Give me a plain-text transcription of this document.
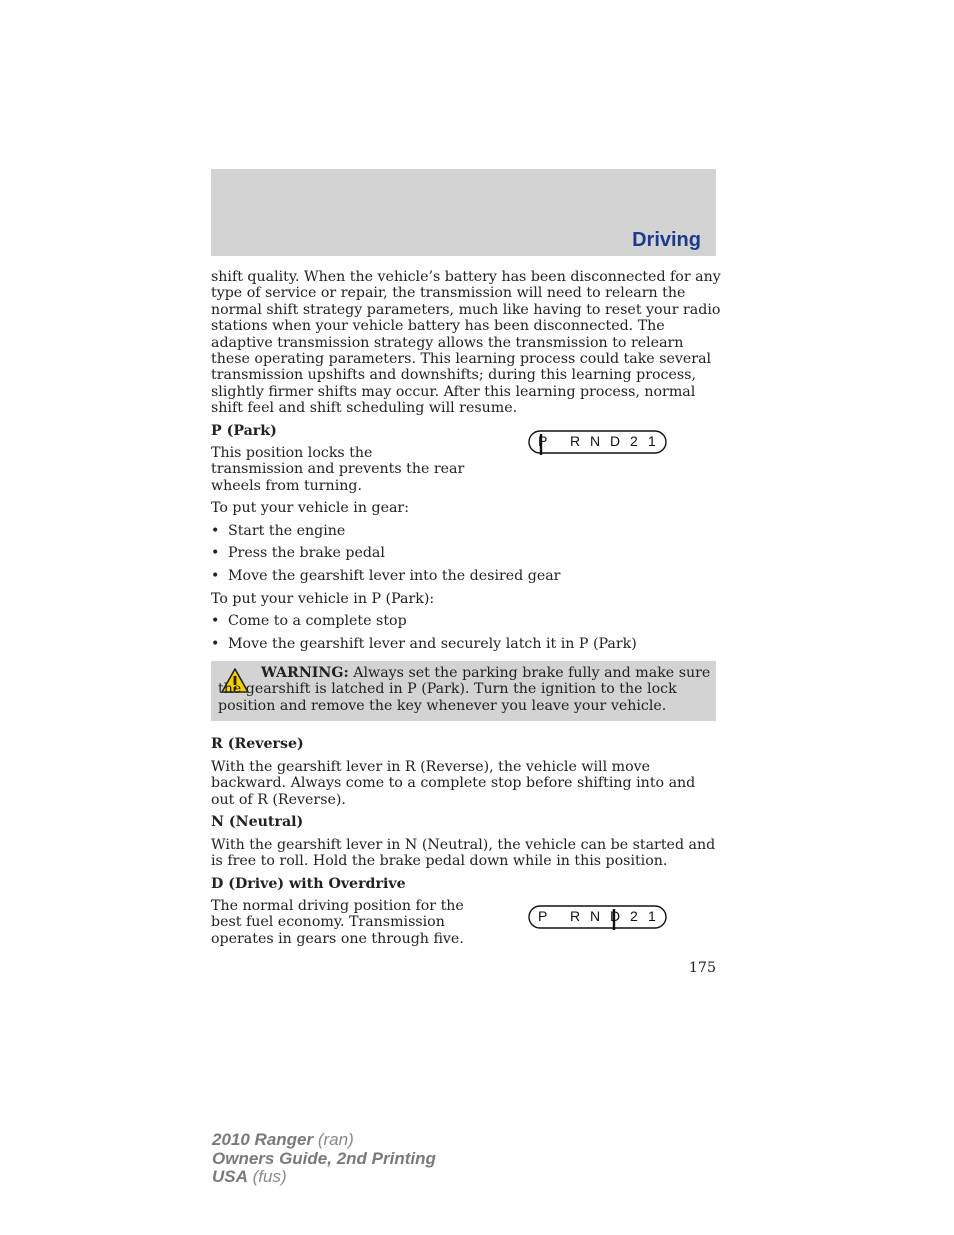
Driving
shift quality. When the vehicle’s battery has been disconnected for any type of service or repair, the transmission will need to relearn the normal shift strategy parameters, much like having to reset your radio stations when your vehicle battery has been disconnected. The adaptive transmission strategy allows the transmission to relearn these operating parameters. This learning process could take several transmission upshifts and downshifts; during this learning process, slightly firmer shifts may occur. After this learning process, normal shift feel and shift scheduling will resume.
P (Park)
This position locks the transmission and prevents the rear wheels from turning.
P R N D 2 1
To put your vehicle in gear:
• Start the engine
• Press the brake pedal
• Move the gearshift lever into the desired gear
To put your vehicle in P (Park):
• Come to a complete stop
• Move the gearshift lever and securely latch it in P (Park)
WARNING: Always set the parking brake fully and make sure the gearshift is latched in P (Park). Turn the ignition to the lock position and remove the key whenever you leave your vehicle.
R (Reverse)
With the gearshift lever in R (Reverse), the vehicle will move backward. Always come to a complete stop before shifting into and out of R (Reverse).
N (Neutral)
With the gearshift lever in N (Neutral), the vehicle can be started and is free to roll. Hold the brake pedal down while in this position.
D (Drive) with Overdrive
The normal driving position for the best fuel economy. Transmission operates in gears one through five.
P R N D 2 1
175
2010 Ranger (ran)
Owners Guide, 2nd Printing
USA (fus)
